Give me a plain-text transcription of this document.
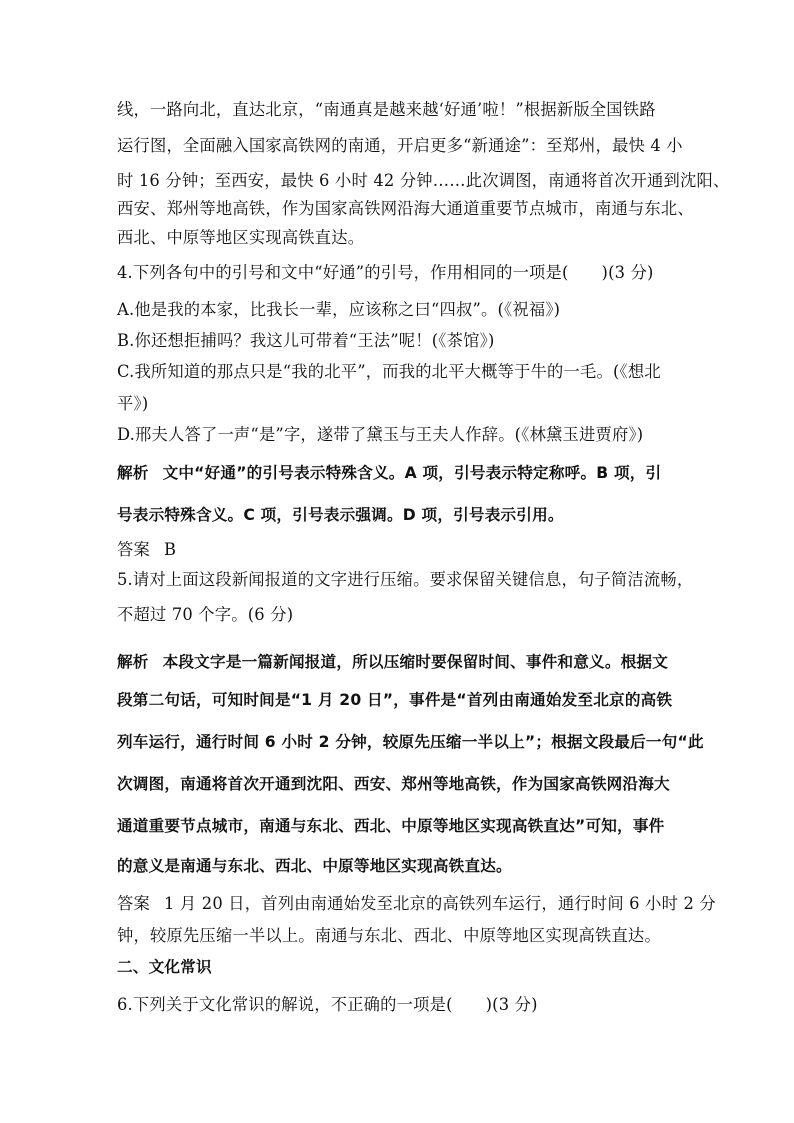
线，一路向北，直达北京，“南通真是越来越‘好通’啦！”根据新版全国铁路
运行图，全面融入国家高铁网的南通，开启更多“新通途”：至郑州，最快 4 小
时 16 分钟；至西安，最快 6 小时 42 分钟……此次调图，南通将首次开通到沈阳、
西安、郑州等地高铁，作为国家高铁网沿海大通道重要节点城市，南通与东北、
西北、中原等地区实现高铁直达。
4.下列各句中的引号和文中“好通”的引号，作用相同的一项是(　　)(3 分)
A.他是我的本家，比我长一辈，应该称之曰“四叔”。(《祝福》)
B.你还想拒捕吗？我这儿可带着“王法”呢！(《茶馆》)
C.我所知道的那点只是“我的北平”，而我的北平大概等于牛的一毛。(《想北
平》)
D.邢夫人答了一声“是”字，遂带了黛玉与王夫人作辞。(《林黛玉进贾府》)
解析 文中“好通”的引号表示特殊含义。A 项，引号表示特定称呼。B 项，引
号表示特殊含义。C 项，引号表示强调。D 项，引号表示引用。
答案 B
5.请对上面这段新闻报道的文字进行压缩。要求保留关键信息，句子简洁流畅，
不超过 70 个字。(6 分)
解析 本段文字是一篇新闻报道，所以压缩时要保留时间、事件和意义。根据文
段第二句话，可知时间是“1 月 20 日”，事件是“首列由南通始发至北京的高铁
列车运行，通行时间 6 小时 2 分钟，较原先压缩一半以上”；根据文段最后一句“此
次调图，南通将首次开通到沈阳、西安、郑州等地高铁，作为国家高铁网沿海大
通道重要节点城市，南通与东北、西北、中原等地区实现高铁直达”可知，事件
的意义是南通与东北、西北、中原等地区实现高铁直达。
答案 1 月 20 日，首列由南通始发至北京的高铁列车运行，通行时间 6 小时 2 分
钟，较原先压缩一半以上。南通与东北、西北、中原等地区实现高铁直达。
二、文化常识
6.下列关于文化常识的解说，不正确的一项是(　　)(3 分)
